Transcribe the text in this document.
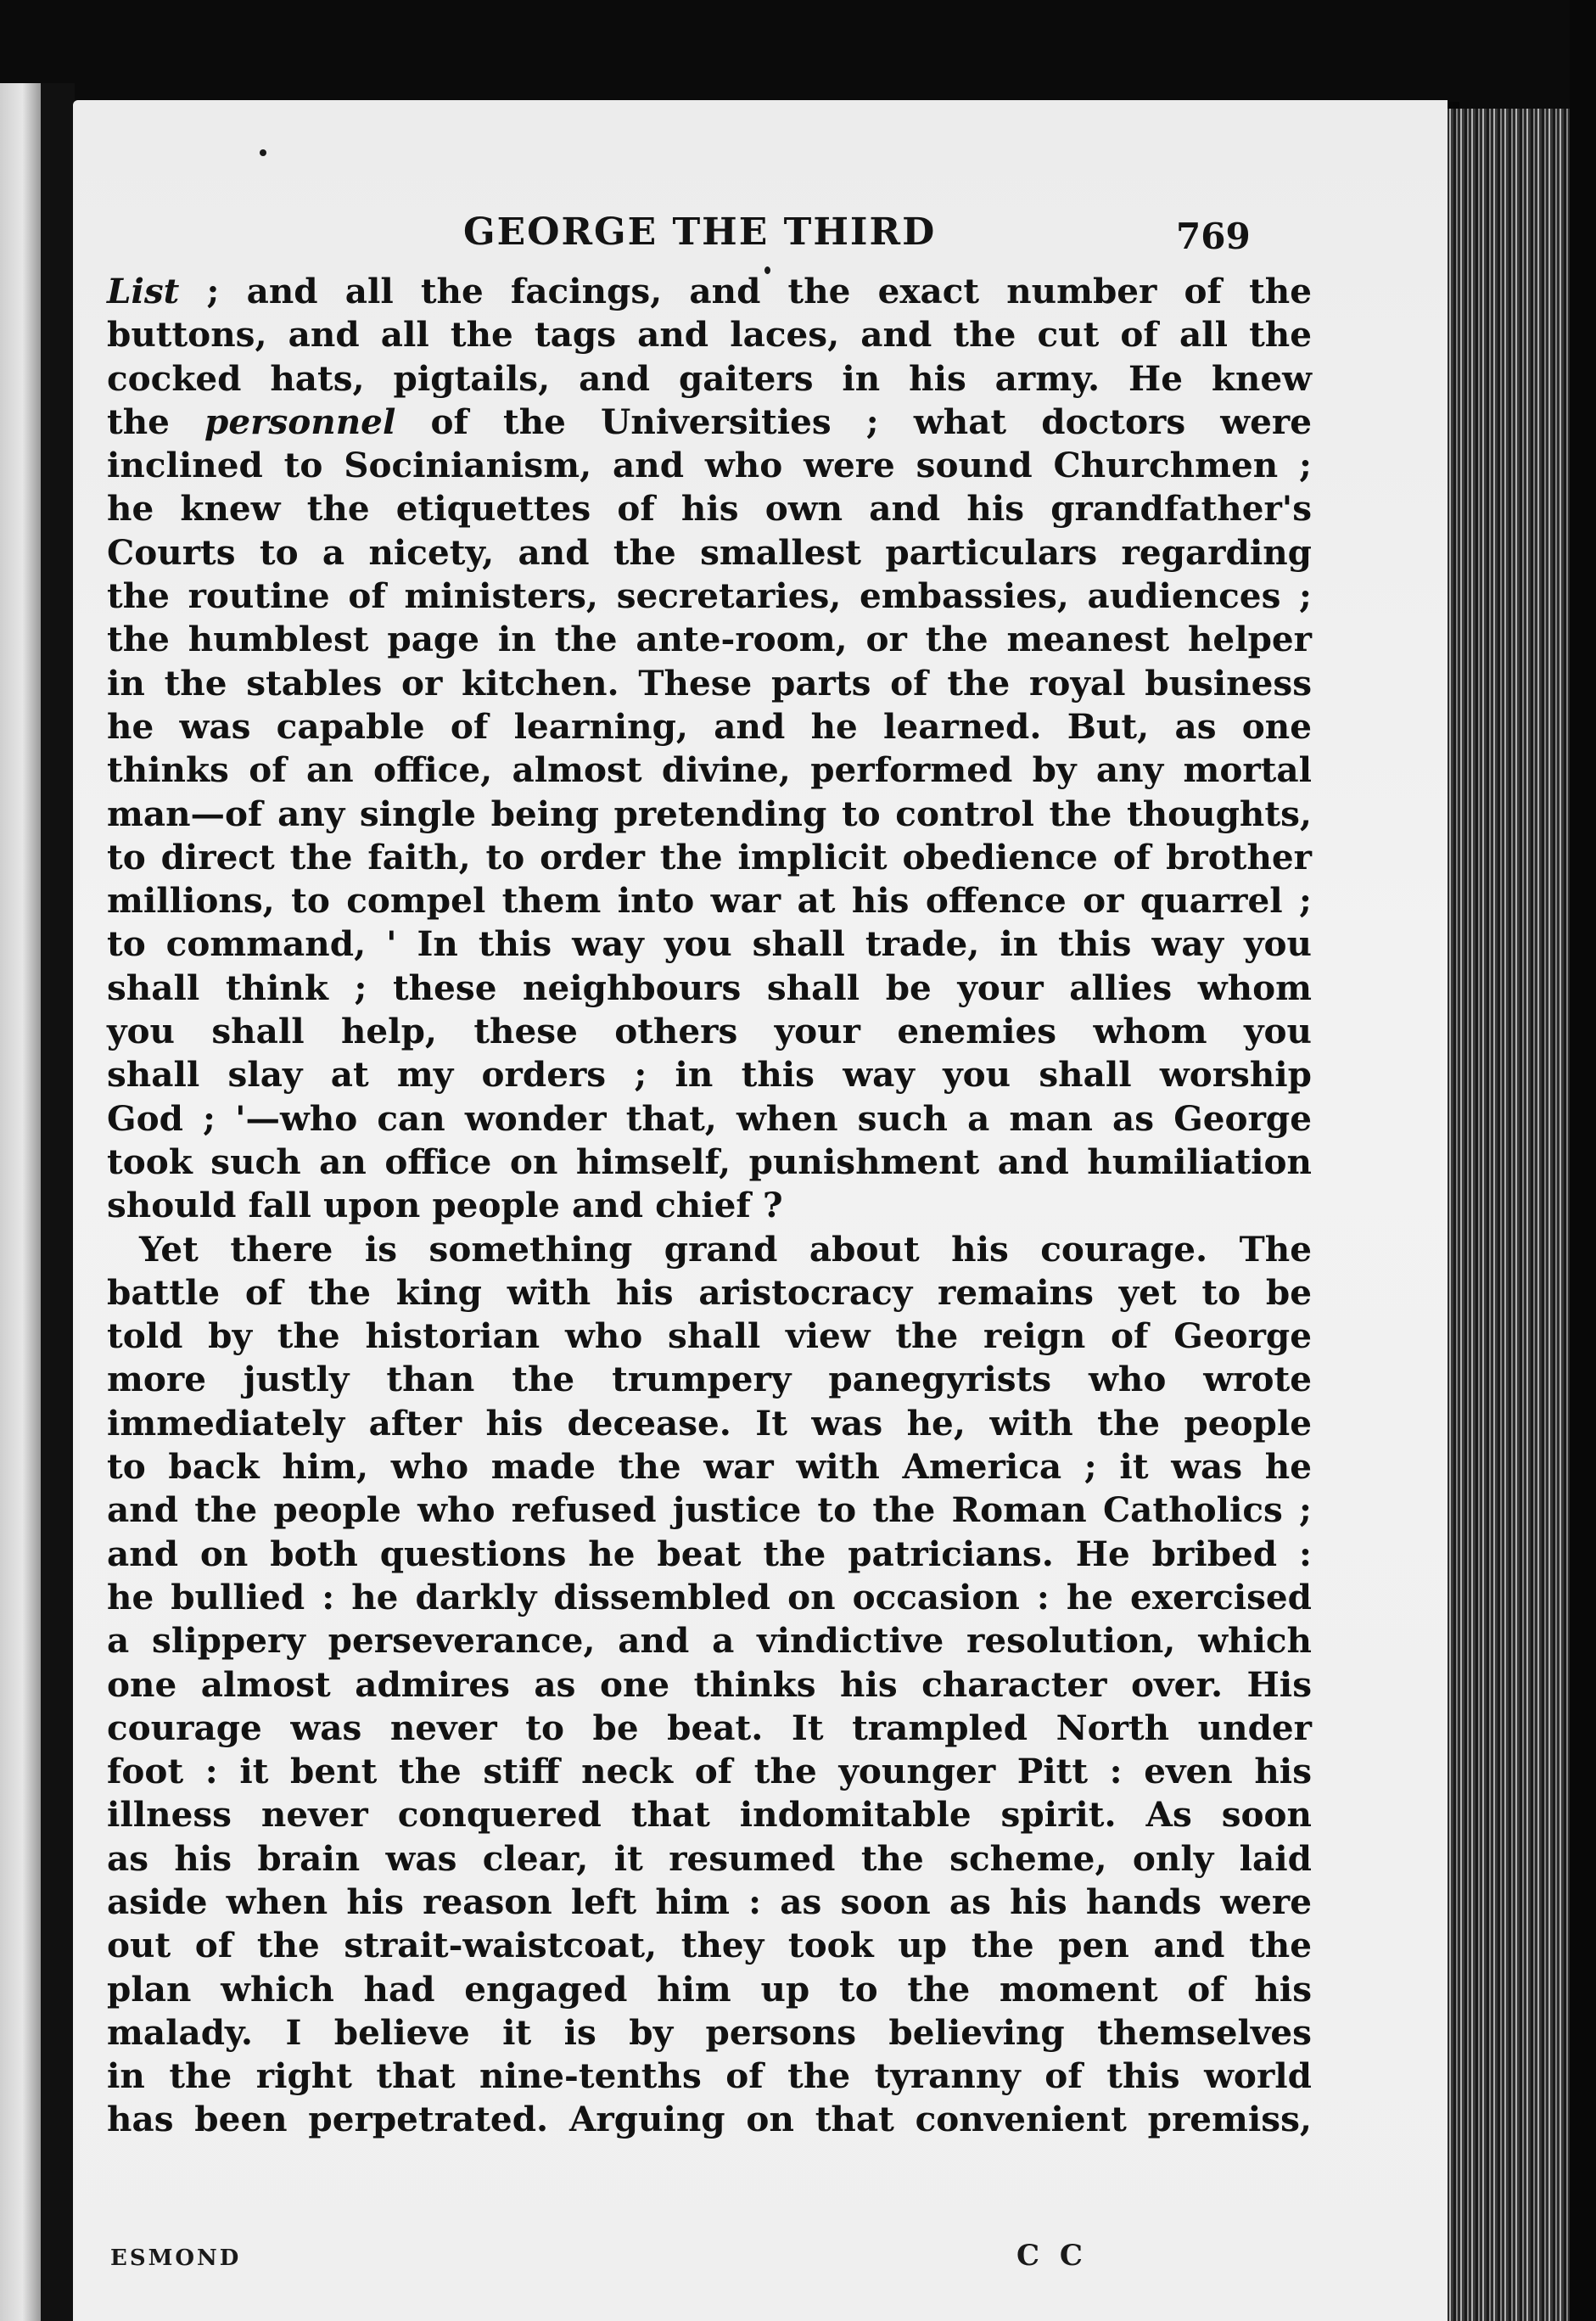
GEORGE THE THIRD	769
List ; and all the facings, and the exact number of the
buttons, and all the tags and laces, and the cut of all the
cocked hats, pigtails, and gaiters in his army. He knew
the personnel of the Universities ; what doctors were
inclined to Socinianism, and who were sound Churchmen ;
he knew the etiquettes of his own and his grandfather's
Courts to a nicety, and the smallest particulars regarding
the routine of ministers, secretaries, embassies, audiences ;
the humblest page in the ante-room, or the meanest helper
in the stables or kitchen. These parts of the royal business
he was capable of learning, and he learned. But, as one
thinks of an office, almost divine, performed by any mortal
man—of any single being pretending to control the thoughts,
to direct the faith, to order the implicit obedience of brother
millions, to compel them into war at his offence or quarrel ;
to command, ' In this way you shall trade, in this way you
shall think ; these neighbours shall be your allies whom
you shall help, these others your enemies whom you
shall slay at my orders ; in this way you shall worship
God ; '—who can wonder that, when such a man as George
took such an office on himself, punishment and humiliation
should fall upon people and chief ?
Yet there is something grand about his courage. The
battle of the king with his aristocracy remains yet to be
told by the historian who shall view the reign of George
more justly than the trumpery panegyrists who wrote
immediately after his decease. It was he, with the people
to back him, who made the war with America ; it was he
and the people who refused justice to the Roman Catholics ;
and on both questions he beat the patricians. He bribed :
he bullied : he darkly dissembled on occasion : he exercised
a slippery perseverance, and a vindictive resolution, which
one almost admires as one thinks his character over. His
courage was never to be beat. It trampled North under
foot : it bent the stiff neck of the younger Pitt : even his
illness never conquered that indomitable spirit. As soon
as his brain was clear, it resumed the scheme, only laid
aside when his reason left him : as soon as his hands were
out of the strait-waistcoat, they took up the pen and the
plan which had engaged him up to the moment of his
malady. I believe it is by persons believing themselves
in the right that nine-tenths of the tyranny of this world
has been perpetrated. Arguing on that convenient premiss,
ESMOND	C C
